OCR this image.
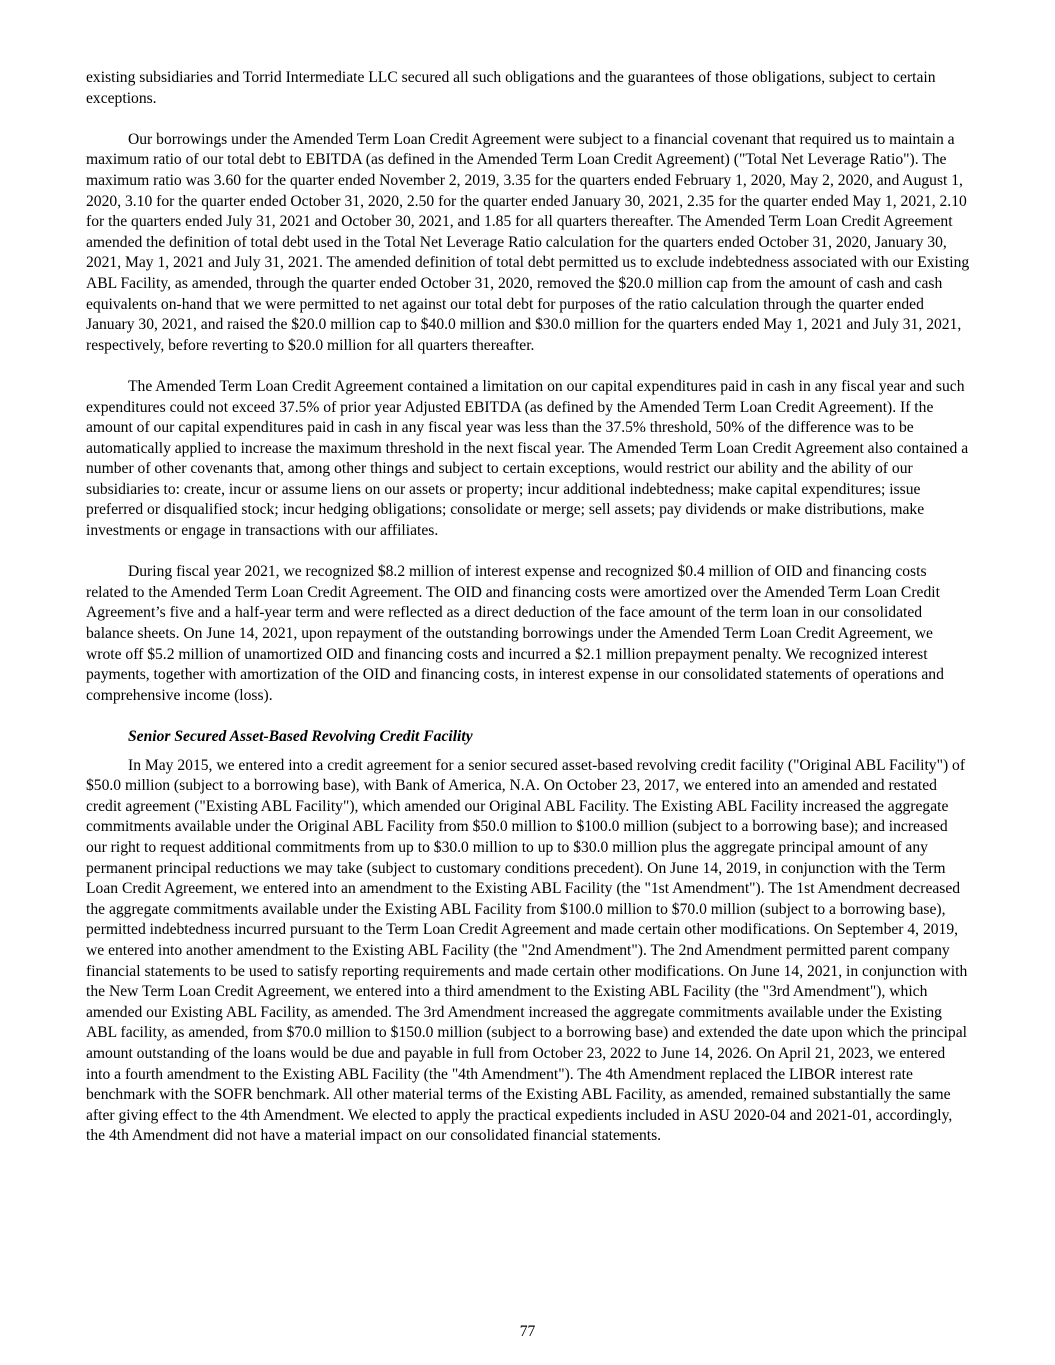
existing subsidiaries and Torrid Intermediate LLC secured all such obligations and the guarantees of those obligations, subject to certain exceptions.

Our borrowings under the Amended Term Loan Credit Agreement were subject to a financial covenant that required us to maintain a maximum ratio of our total debt to EBITDA (as defined in the Amended Term Loan Credit Agreement) ("Total Net Leverage Ratio"). The maximum ratio was 3.60 for the quarter ended November 2, 2019, 3.35 for the quarters ended February 1, 2020, May 2, 2020, and August 1, 2020, 3.10 for the quarter ended October 31, 2020, 2.50 for the quarter ended January 30, 2021, 2.35 for the quarter ended May 1, 2021, 2.10 for the quarters ended July 31, 2021 and October 30, 2021, and 1.85 for all quarters thereafter. The Amended Term Loan Credit Agreement amended the definition of total debt used in the Total Net Leverage Ratio calculation for the quarters ended October 31, 2020, January 30, 2021, May 1, 2021 and July 31, 2021. The amended definition of total debt permitted us to exclude indebtedness associated with our Existing ABL Facility, as amended, through the quarter ended October 31, 2020, removed the $20.0 million cap from the amount of cash and cash equivalents on-hand that we were permitted to net against our total debt for purposes of the ratio calculation through the quarter ended January 30, 2021, and raised the $20.0 million cap to $40.0 million and $30.0 million for the quarters ended May 1, 2021 and July 31, 2021, respectively, before reverting to $20.0 million for all quarters thereafter.

The Amended Term Loan Credit Agreement contained a limitation on our capital expenditures paid in cash in any fiscal year and such expenditures could not exceed 37.5% of prior year Adjusted EBITDA (as defined by the Amended Term Loan Credit Agreement). If the amount of our capital expenditures paid in cash in any fiscal year was less than the 37.5% threshold, 50% of the difference was to be automatically applied to increase the maximum threshold in the next fiscal year. The Amended Term Loan Credit Agreement also contained a number of other covenants that, among other things and subject to certain exceptions, would restrict our ability and the ability of our subsidiaries to: create, incur or assume liens on our assets or property; incur additional indebtedness; make capital expenditures; issue preferred or disqualified stock; incur hedging obligations; consolidate or merge; sell assets; pay dividends or make distributions, make investments or engage in transactions with our affiliates.

During fiscal year 2021, we recognized $8.2 million of interest expense and recognized $0.4 million of OID and financing costs related to the Amended Term Loan Credit Agreement. The OID and financing costs were amortized over the Amended Term Loan Credit Agreement’s five and a half-year term and were reflected as a direct deduction of the face amount of the term loan in our consolidated balance sheets. On June 14, 2021, upon repayment of the outstanding borrowings under the Amended Term Loan Credit Agreement, we wrote off $5.2 million of unamortized OID and financing costs and incurred a $2.1 million prepayment penalty. We recognized interest payments, together with amortization of the OID and financing costs, in interest expense in our consolidated statements of operations and comprehensive income (loss).

Senior Secured Asset-Based Revolving Credit Facility

In May 2015, we entered into a credit agreement for a senior secured asset-based revolving credit facility ("Original ABL Facility") of $50.0 million (subject to a borrowing base), with Bank of America, N.A. On October 23, 2017, we entered into an amended and restated credit agreement ("Existing ABL Facility"), which amended our Original ABL Facility. The Existing ABL Facility increased the aggregate commitments available under the Original ABL Facility from $50.0 million to $100.0 million (subject to a borrowing base); and increased our right to request additional commitments from up to $30.0 million to up to $30.0 million plus the aggregate principal amount of any permanent principal reductions we may take (subject to customary conditions precedent). On June 14, 2019, in conjunction with the Term Loan Credit Agreement, we entered into an amendment to the Existing ABL Facility (the "1st Amendment"). The 1st Amendment decreased the aggregate commitments available under the Existing ABL Facility from $100.0 million to $70.0 million (subject to a borrowing base), permitted indebtedness incurred pursuant to the Term Loan Credit Agreement and made certain other modifications. On September 4, 2019, we entered into another amendment to the Existing ABL Facility (the "2nd Amendment"). The 2nd Amendment permitted parent company financial statements to be used to satisfy reporting requirements and made certain other modifications. On June 14, 2021, in conjunction with the New Term Loan Credit Agreement, we entered into a third amendment to the Existing ABL Facility (the "3rd Amendment"), which amended our Existing ABL Facility, as amended. The 3rd Amendment increased the aggregate commitments available under the Existing ABL facility, as amended, from $70.0 million to $150.0 million (subject to a borrowing base) and extended the date upon which the principal amount outstanding of the loans would be due and payable in full from October 23, 2022 to June 14, 2026. On April 21, 2023, we entered into a fourth amendment to the Existing ABL Facility (the "4th Amendment"). The 4th Amendment replaced the LIBOR interest rate benchmark with the SOFR benchmark. All other material terms of the Existing ABL Facility, as amended, remained substantially the same after giving effect to the 4th Amendment. We elected to apply the practical expedients included in ASU 2020-04 and 2021-01, accordingly, the 4th Amendment did not have a material impact on our consolidated financial statements.

77
